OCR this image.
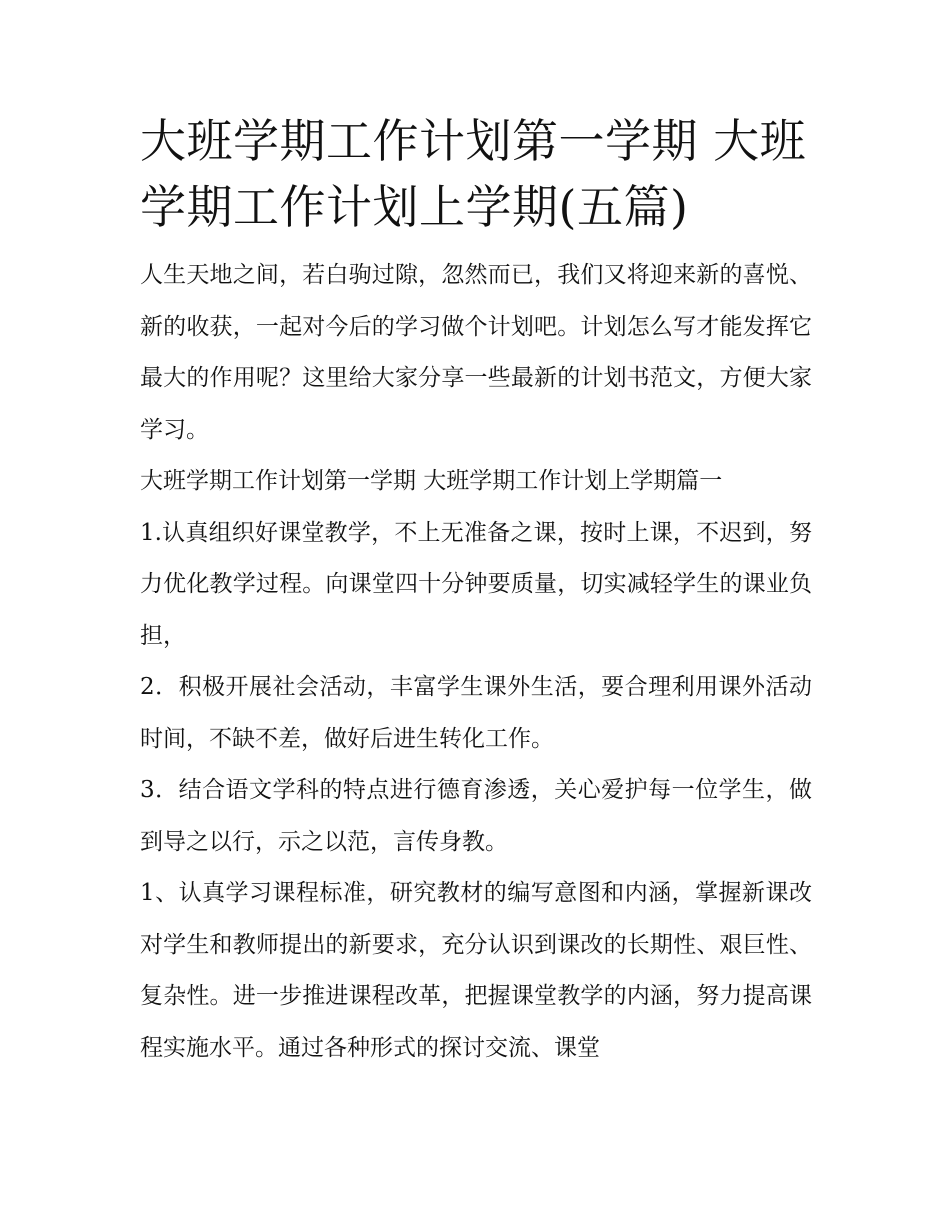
大班学期工作计划第一学期 大班学期工作计划上学期(五篇)

人生天地之间，若白驹过隙，忽然而已，我们又将迎来新的喜悦、新的收获，一起对今后的学习做个计划吧。计划怎么写才能发挥它最大的作用呢？这里给大家分享一些最新的计划书范文，方便大家学习。

大班学期工作计划第一学期 大班学期工作计划上学期篇一

1.认真组织好课堂教学，不上无准备之课，按时上课，不迟到，努力优化教学过程。向课堂四十分钟要质量，切实减轻学生的课业负担，

2．积极开展社会活动，丰富学生课外生活，要合理利用课外活动时间，不缺不差，做好后进生转化工作。

3．结合语文学科的特点进行德育渗透，关心爱护每一位学生，做到导之以行，示之以范，言传身教。

1、认真学习课程标准，研究教材的编写意图和内涵，掌握新课改对学生和教师提出的新要求，充分认识到课改的长期性、艰巨性、复杂性。进一步推进课程改革，把握课堂教学的内涵，努力提高课程实施水平。通过各种形式的探讨交流、课堂
